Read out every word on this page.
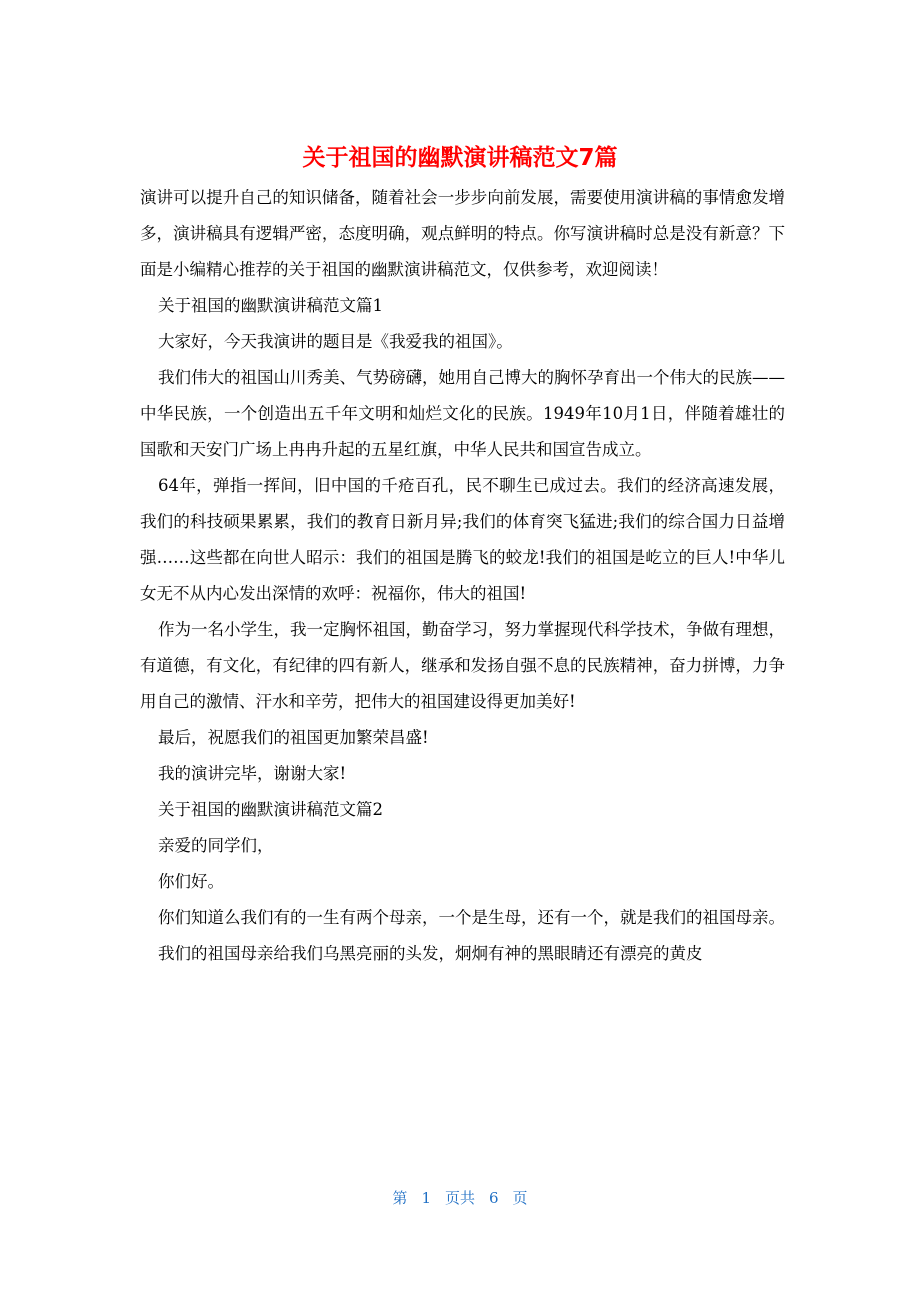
关于祖国的幽默演讲稿范文7篇

演讲可以提升自己的知识储备，随着社会一步步向前发展，需要使用演讲稿的事情愈发增多，演讲稿具有逻辑严密，态度明确，观点鲜明的特点。你写演讲稿时总是没有新意？下面是小编精心推荐的关于祖国的幽默演讲稿范文，仅供参考，欢迎阅读！

关于祖国的幽默演讲稿范文篇1

大家好，今天我演讲的题目是《我爱我的祖国》。

我们伟大的祖国山川秀美、气势磅礴，她用自己博大的胸怀孕育出一个伟大的民族——中华民族，一个创造出五千年文明和灿烂文化的民族。1949年10月1日，伴随着雄壮的国歌和天安门广场上冉冉升起的五星红旗，中华人民共和国宣告成立。

64年，弹指一挥间，旧中国的千疮百孔，民不聊生已成过去。我们的经济高速发展，我们的科技硕果累累，我们的教育日新月异;我们的体育突飞猛进;我们的综合国力日益增强……这些都在向世人昭示：我们的祖国是腾飞的蛟龙!我们的祖国是屹立的巨人!中华儿女无不从内心发出深情的欢呼：祝福你，伟大的祖国!

作为一名小学生，我一定胸怀祖国，勤奋学习，努力掌握现代科学技术，争做有理想，有道德，有文化，有纪律的四有新人，继承和发扬自强不息的民族精神，奋力拼博，力争用自己的激情、汗水和辛劳，把伟大的祖国建设得更加美好!

最后，祝愿我们的祖国更加繁荣昌盛!

我的演讲完毕，谢谢大家!

关于祖国的幽默演讲稿范文篇2

亲爱的同学们，

你们好。

你们知道么我们有的一生有两个母亲，一个是生母，还有一个，就是我们的祖国母亲。

我们的祖国母亲给我们乌黑亮丽的头发，炯炯有神的黑眼睛还有漂亮的黄皮

第 1 页共 6 页
